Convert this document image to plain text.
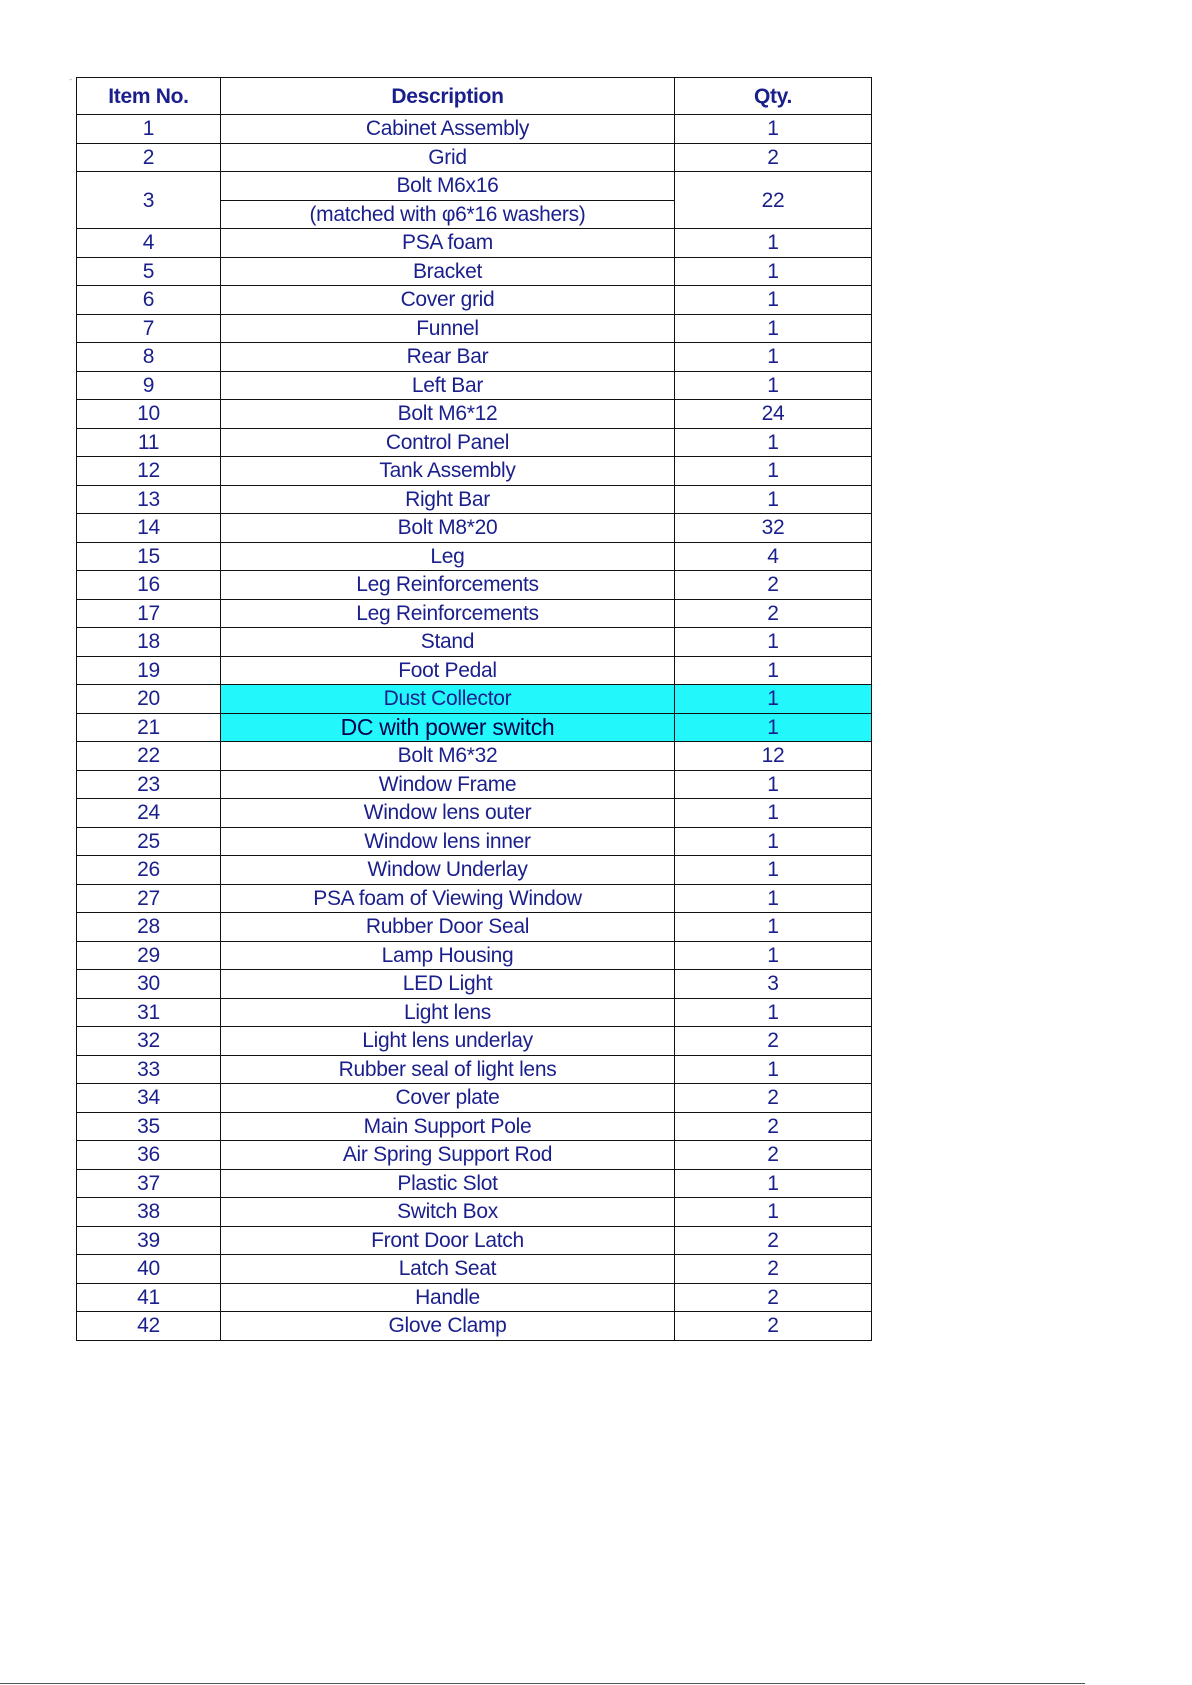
˼
Item No.	Description	Qty.
1	Cabinet Assembly	1
2	Grid	2
3	Bolt M6x16	22
	(matched with φ6*16 washers)	
4	PSA foam	1
5	Bracket	1
6	Cover grid	1
7	Funnel	1
8	Rear Bar	1
9	Left Bar	1
10	Bolt M6*12	24
11	Control Panel	1
12	Tank Assembly	1
13	Right Bar	1
14	Bolt M8*20	32
15	Leg	4
16	Leg Reinforcements	2
17	Leg Reinforcements	2
18	Stand	1
19	Foot Pedal	1
20	Dust Collector	1
21	DC with power switch	1
22	Bolt M6*32	12
23	Window Frame	1
24	Window lens outer	1
25	Window lens inner	1
26	Window Underlay	1
27	PSA foam of Viewing Window	1
28	Rubber Door Seal	1
29	Lamp Housing	1
30	LED Light	3
31	Light lens	1
32	Light lens underlay	2
33	Rubber seal of light lens	1
34	Cover plate	2
35	Main Support Pole	2
36	Air Spring Support Rod	2
37	Plastic Slot	1
38	Switch Box	1
39	Front Door Latch	2
40	Latch Seat	2
41	Handle	2
42	Glove Clamp	2
